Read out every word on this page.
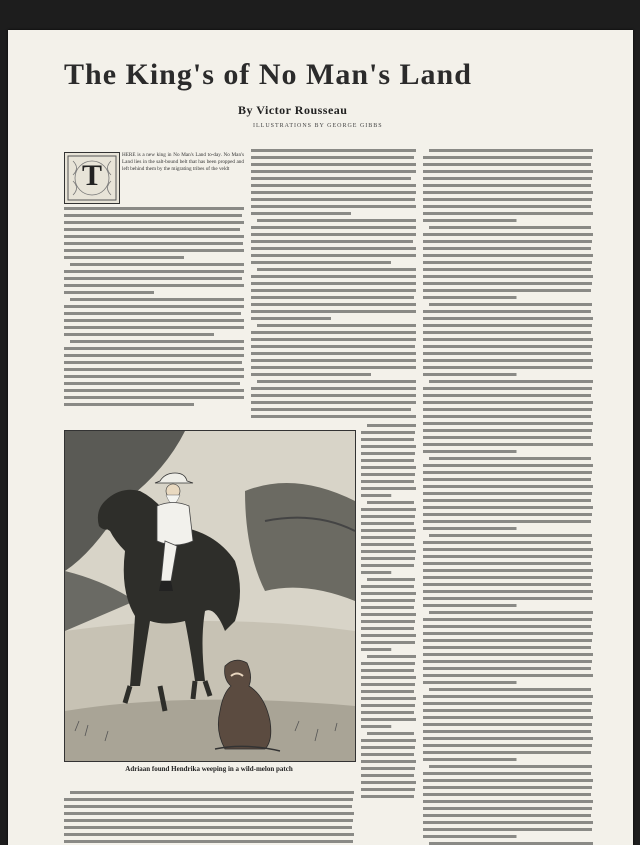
The King's of No Man's Land
By Victor Rousseau
ILLUSTRATIONS BY GEORGE GIBBS
T
HERE is a new king in No Man's Land to-day. No Man's Land lies in the salt-bound belt that has been propped and left behind them by the migrating tribes of the veldt
Adriaan found Hendrika weeping in a wild-melon patch
